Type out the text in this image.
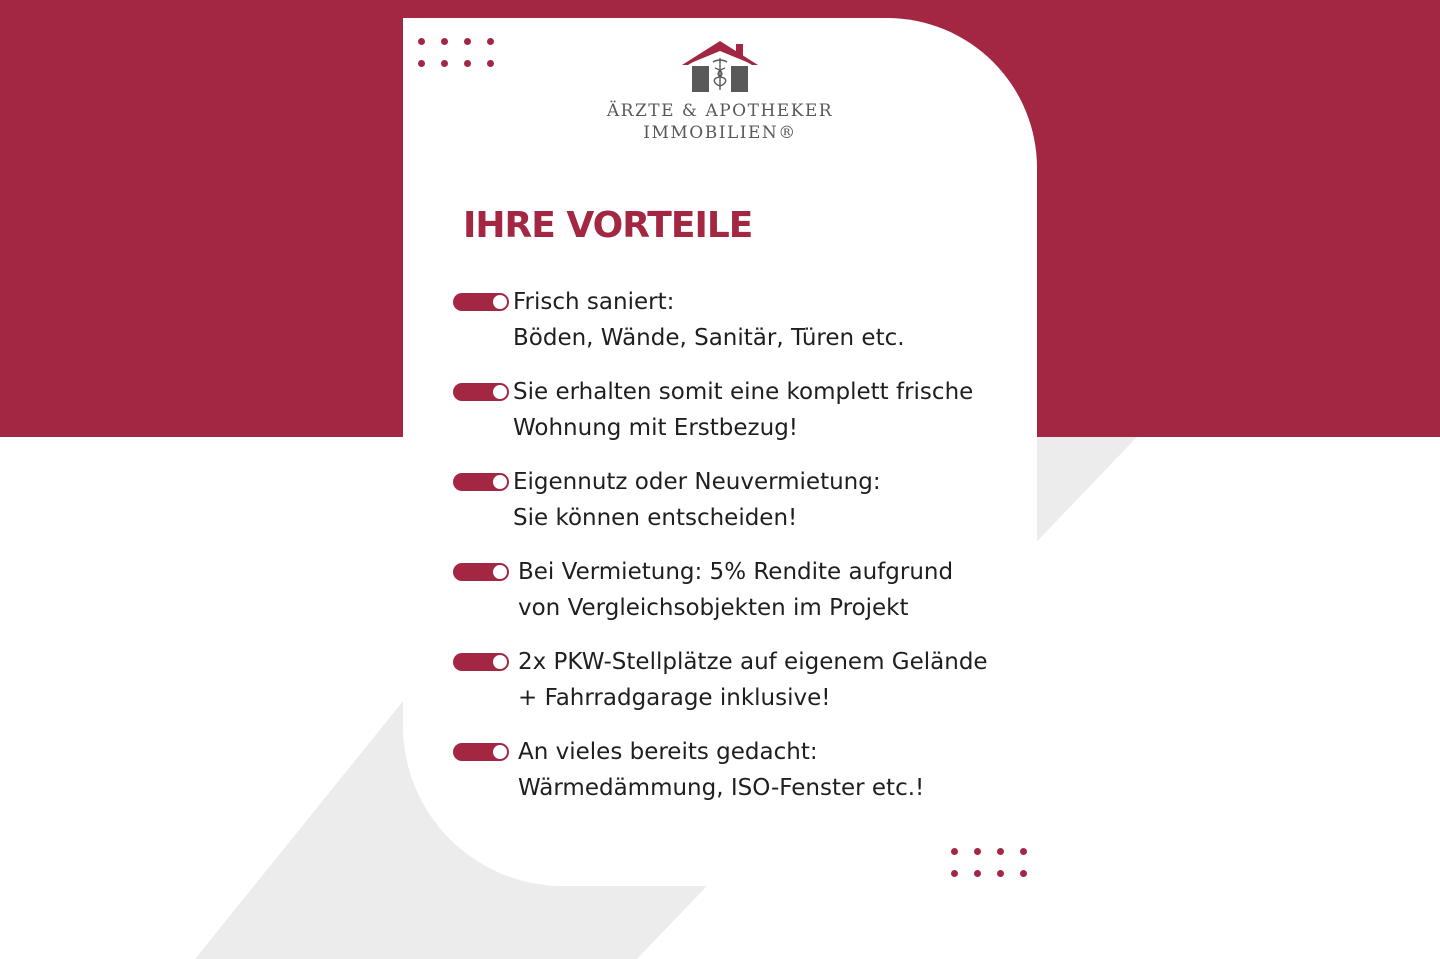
ÄRZTE & APOTHEKER
IMMOBILIEN®
IHRE VORTEILE
Frisch saniert:
Böden, Wände, Sanitär, Türen etc.
Sie erhalten somit eine komplett frische
Wohnung mit Erstbezug!
Eigennutz oder Neuvermietung:
Sie können entscheiden!
Bei Vermietung: 5% Rendite aufgrund
von Vergleichsobjekten im Projekt
2x PKW-Stellplätze auf eigenem Gelände
+ Fahrradgarage inklusive!
An vieles bereits gedacht:
Wärmedämmung, ISO-Fenster etc.!
